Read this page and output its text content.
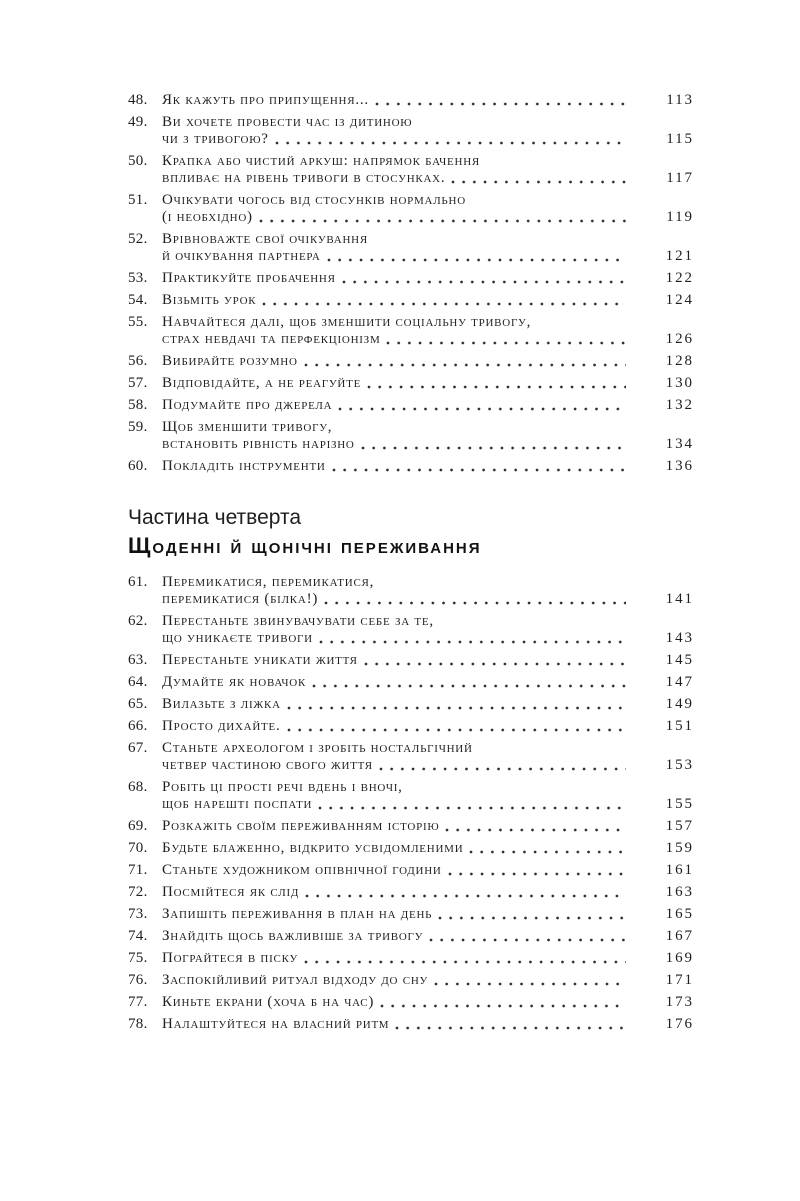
48. Як кажуть про припущення...	113
49. Ви хочете провести час із дитиною
чи з тривогою?	115
50. Крапка або чистий аркуш: напрямок бачення
впливає на рівень тривоги в стосунках.	117
51. Очікувати чогось від стосунків нормально
(і необхідно)	119
52. Врівноважте свої очікування
й очікування партнера	121
53. Практикуйте пробачення	122
54. Візьміть урок	124
55. Навчайтеся далі, щоб зменшити соціальну тривогу,
страх невдачі та перфекціонізм	126
56. Вибирайте розумно	128
57. Відповідайте, а не реагуйте	130
58. Подумайте про джерела	132
59. Щоб зменшити тривогу,
встановіть рівність нарізно	134
60. Покладіть інструменти	136
Частина четверта
Щоденні й щонічні переживання
61. Перемикатися, перемикатися,
перемикатися (білка!)	141
62. Перестаньте звинувачувати себе за те,
що уникаєте тривоги	143
63. Перестаньте уникати життя	145
64. Думайте як новачок	147
65. Вилазьте з ліжка	149
66. Просто дихайте.	151
67. Станьте археологом і зробіть ностальгічний
четвер частиною свого життя	153
68. Робіть ці прості речі вдень і вночі,
щоб нарешті поспати	155
69. Розкажіть своїм переживанням історію	157
70. Будьте блаженно, відкрито усвідомленими	159
71. Станьте художником опівнічної години	161
72. Посмійтеся як слід	163
73. Запишіть переживання в план на день	165
74. Знайдіть щось важливіше за тривогу	167
75. Пограйтеся в піску	169
76. Заспокійливий ритуал відходу до сну	171
77. Киньте екрани (хоча б на час)	173
78. Налаштуйтеся на власний ритм	176
